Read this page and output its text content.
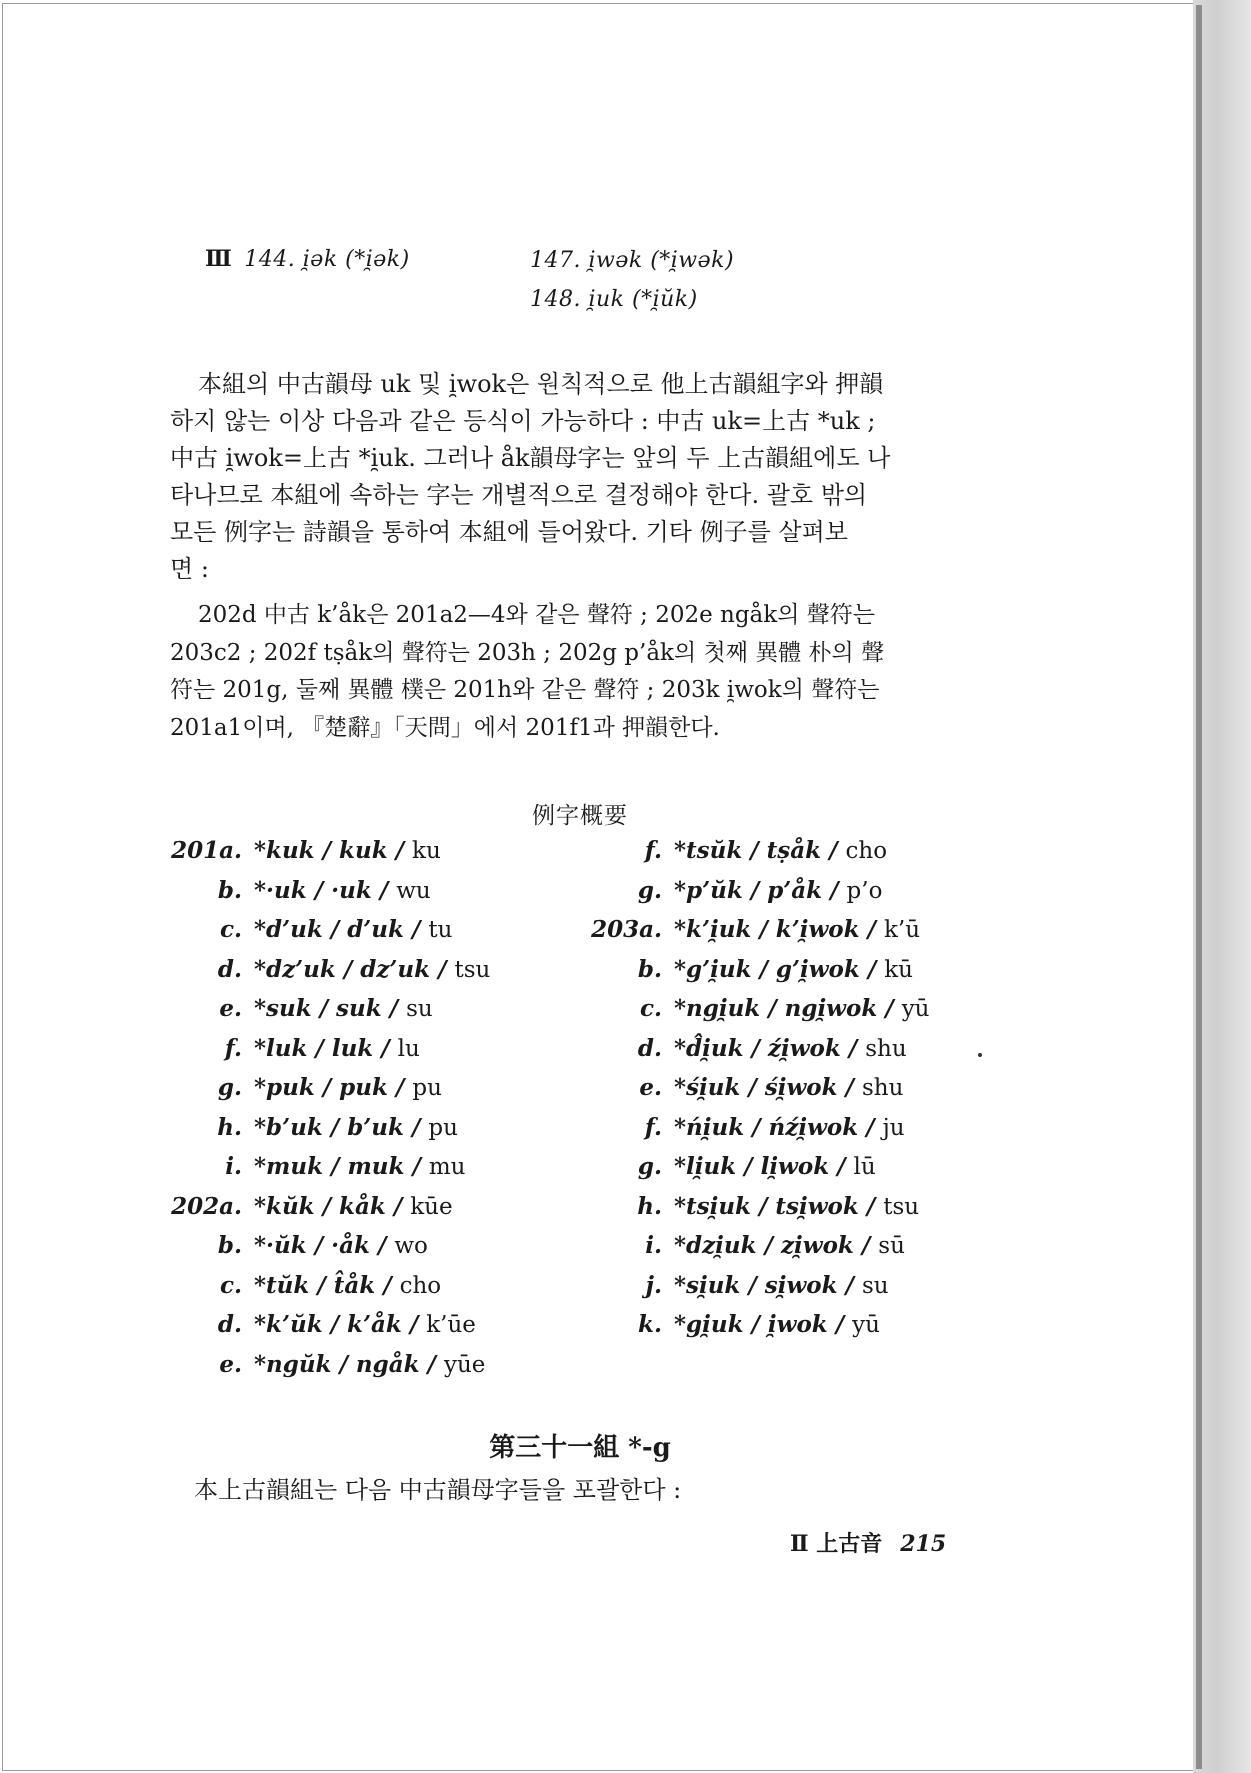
Ⅲ 144. i̯ək (*i̯ək)	147. i̯wək (*i̯wək)
148. i̯uk (*i̯ŭk)
本組의 中古韻母 uk 및 i̯wok은 원칙적으로 他上古韻組字와 押韻
하지 않는 이상 다음과 같은 등식이 가능하다 : 中古 uk=上古 *uk ;
中古 i̯wok=上古 *i̯uk. 그러나 åk韻母字는 앞의 두 上古韻組에도 나
타나므로 本組에 속하는 字는 개별적으로 결정해야 한다. 괄호 밖의
모든 例字는 詩韻을 통하여 本組에 들어왔다. 기타 例子를 살펴보
면 :
202d 中古 k’åk은 201a2—4와 같은 聲符 ; 202e ngåk의 聲符는
203c2 ; 202f tṣåk의 聲符는 203h ; 202g p’åk의 첫째 異體 朴의 聲
符는 201g, 둘째 異體 樸은 201h와 같은 聲符 ; 203k i̯wok의 聲符는
201a1이며, 『楚辭』「天問」에서 201f1과 押韻한다.
例字概要
201a. *kuk / kuk / ku
b. *·uk / ·uk / wu
c. *d’uk / d’uk / tu
d. *dz’uk / dz’uk / tsu
e. *suk / suk / su
f. *luk / luk / lu
g. *puk / puk / pu
h. *b’uk / b’uk / pu
i. *muk / muk / mu
202a. *kŭk / kåk / kūe
b. *·ŭk / ·åk / wo
c. *tŭk / t̂åk / cho
d. *k’ŭk / k’åk / k’ūe
e. *ngŭk / ngåk / yūe
f. *tsŭk / tṣåk / cho
g. *p’ŭk / p’åk / p’o
203a. *k’i̯uk / k’i̯wok / k’ū
b. *g’i̯uk / g’i̯wok / kū
c. *ngi̯uk / ngi̯wok / yū
d. *d̂i̯uk / źi̯wok / shu
e. *śi̯uk / śi̯wok / shu
f. *ńi̯uk / ńźi̯wok / ju
g. *li̯uk / li̯wok / lū
h. *tsi̯uk / tsi̯wok / tsu
i. *dzi̯uk / zi̯wok / sū
j. *si̯uk / si̯wok / su
k. *gi̯uk / i̯wok / yū
第三十一組 *-g
本上古韻組는 다음 中古韻母字들을 포괄한다 :
Ⅱ 上古音 215
